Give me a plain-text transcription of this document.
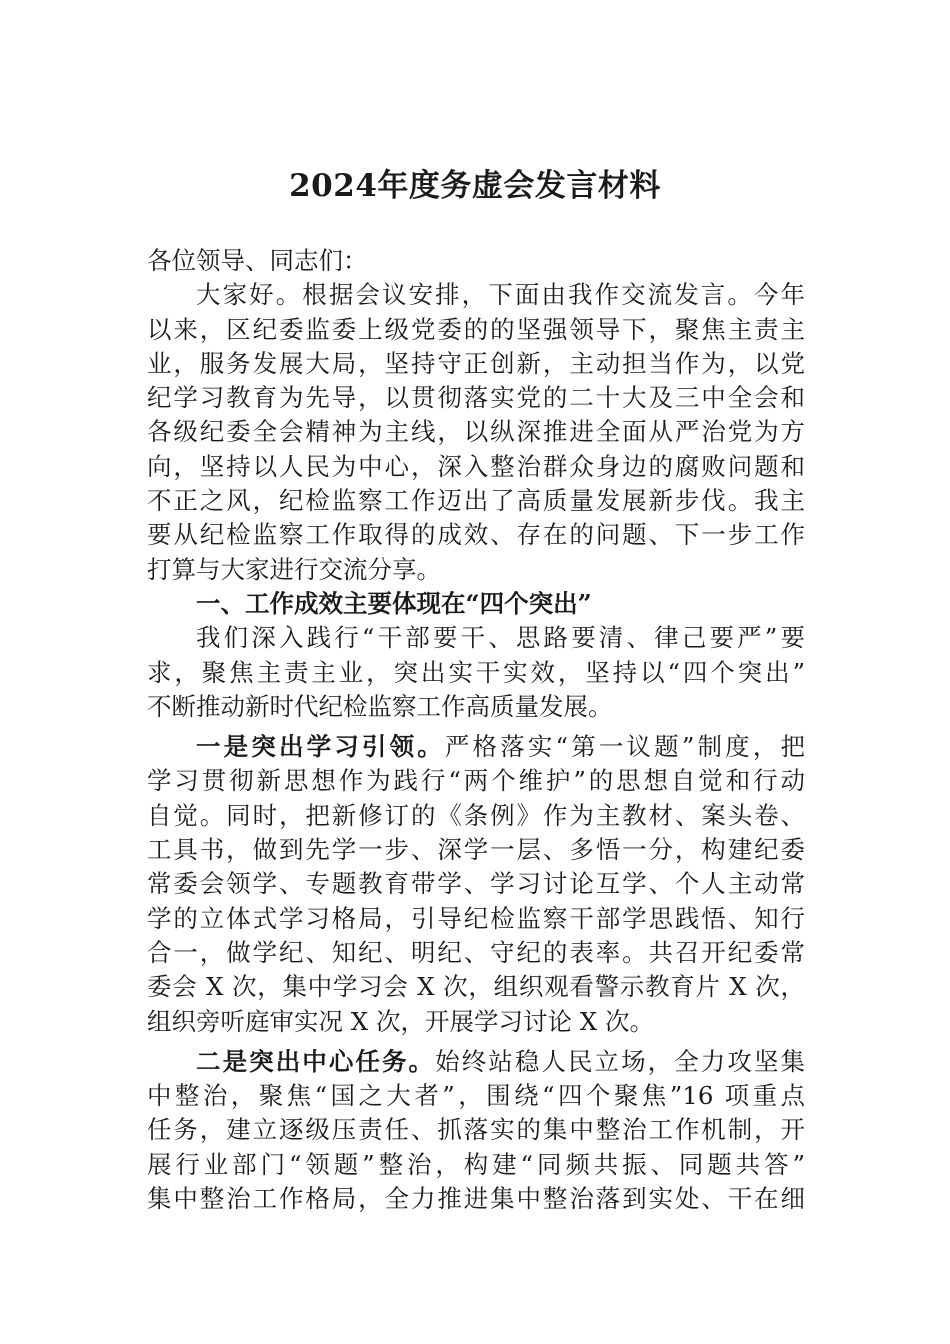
2024年度务虚会发言材料
各位领导、同志们：
大家好。根据会议安排，下面由我作交流发言。今年
以来，区纪委监委上级党委的的坚强领导下，聚焦主责主
业，服务发展大局，坚持守正创新，主动担当作为，以党
纪学习教育为先导，以贯彻落实党的二十大及三中全会和
各级纪委全会精神为主线，以纵深推进全面从严治党为方
向，坚持以人民为中心，深入整治群众身边的腐败问题和
不正之风，纪检监察工作迈出了高质量发展新步伐。我主
要从纪检监察工作取得的成效、存在的问题、下一步工作
打算与大家进行交流分享。
一、工作成效主要体现在“四个突出”
我们深入践行“干部要干、思路要清、律己要严”要
求，聚焦主责主业，突出实干实效，坚持以“四个突出”
不断推动新时代纪检监察工作高质量发展。
一是突出学习引领。严格落实“第一议题”制度，把
学习贯彻新思想作为践行“两个维护”的思想自觉和行动
自觉。同时，把新修订的《条例》作为主教材、案头卷、
工具书，做到先学一步、深学一层、多悟一分，构建纪委
常委会领学、专题教育带学、学习讨论互学、个人主动常
学的立体式学习格局，引导纪检监察干部学思践悟、知行
合一，做学纪、知纪、明纪、守纪的表率。共召开纪委常
委会 X 次，集中学习会 X 次，组织观看警示教育片 X 次，
组织旁听庭审实况 X 次，开展学习讨论 X 次。
二是突出中心任务。始终站稳人民立场，全力攻坚集
中整治，聚焦“国之大者”，围绕“四个聚焦”16 项重点
任务，建立逐级压责任、抓落实的集中整治工作机制，开
展行业部门“领题”整治，构建“同频共振、同题共答”
集中整治工作格局，全力推进集中整治落到实处、干在细
